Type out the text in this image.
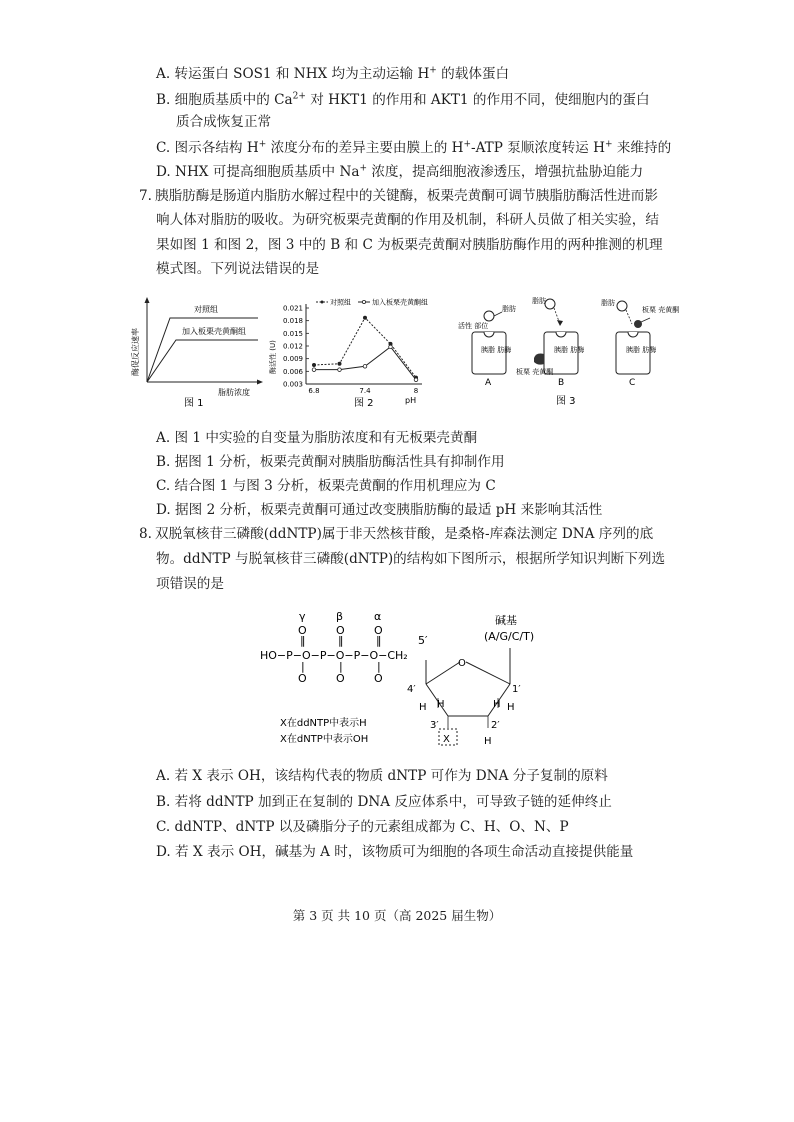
A. 转运蛋白 SOS1 和 NHX 均为主动运输 H+ 的载体蛋白
B. 细胞质基质中的 $Ca^{2+}$ 对 HKT1 的作用和 AKT1 的作用不同，使细胞内的蛋白
质合成恢复正常
C. 图示各结构 H+ 浓度分布的差异主要由膜上的 H+-ATP 泵顺浓度转运 H+ 来维持的
D. NHX 可提高细胞质基质中 Na+ 浓度，提高细胞液渗透压，增强抗盐胁迫能力
7. 胰脂肪酶是肠道内脂肪水解过程中的关键酶，板栗壳黄酮可调节胰脂肪酶活性进而影
响人体对脂肪的吸收。为研究板栗壳黄酮的作用及机制，科研人员做了相关实验，结
果如图 1 和图 2，图 3 中的 B 和 C 为板栗壳黄酮对胰脂肪酶作用的两种推测的机理
模式图。下列说法错误的是
对照组
加入板栗壳黄酮组
酶促反应速率
脂肪浓度
图 1
0.003
0.006
0.009
0.012
0.015
0.018
0.021
6.8	7.4	8
对照组	加入板栗壳黄酮组
酶活性 (U)
pH
图 2
脂肪
活性 部位
胰脂 肪酶
A
脂肪
胰脂 肪酶
板栗 壳黄酮
B
脂肪
板栗 壳黄酮
胰脂 肪酶
C
图 3
A. 图 1 中实验的自变量为脂肪浓度和有无板栗壳黄酮
B. 据图 1 分析，板栗壳黄酮对胰脂肪酶活性具有抑制作用
C. 结合图 1 与图 3 分析，板栗壳黄酮的作用机理应为 C
D. 据图 2 分析，板栗壳黄酮可通过改变胰脂肪酶的最适 pH 来影响其活性
8. 双脱氧核苷三磷酸(ddNTP)属于非天然核苷酸，是桑格-库森法测定 DNA 序列的底
物。ddNTP 与脱氧核苷三磷酸(dNTP)的结构如下图所示，根据所学知识判断下列选
项错误的是
γ	β	α
O	O	O
‖	‖	‖
HO−P−O−P−O−P−O−CH₂
|	|	|
O	O	O
5′
碱基
(A/G/C/T)
O
4′	1′
H H	H H
3′	2′
X	H
X在ddNTP中表示H
X在dNTP中表示OH
A. 若 X 表示 OH，该结构代表的物质 dNTP 可作为 DNA 分子复制的原料
B. 若将 ddNTP 加到正在复制的 DNA 反应体系中，可导致子链的延伸终止
C. ddNTP、dNTP 以及磷脂分子的元素组成都为 C、H、O、N、P
D. 若 X 表示 OH，碱基为 A 时，该物质可为细胞的各项生命活动直接提供能量
第 3 页 共 10 页（高 2025 届生物）
